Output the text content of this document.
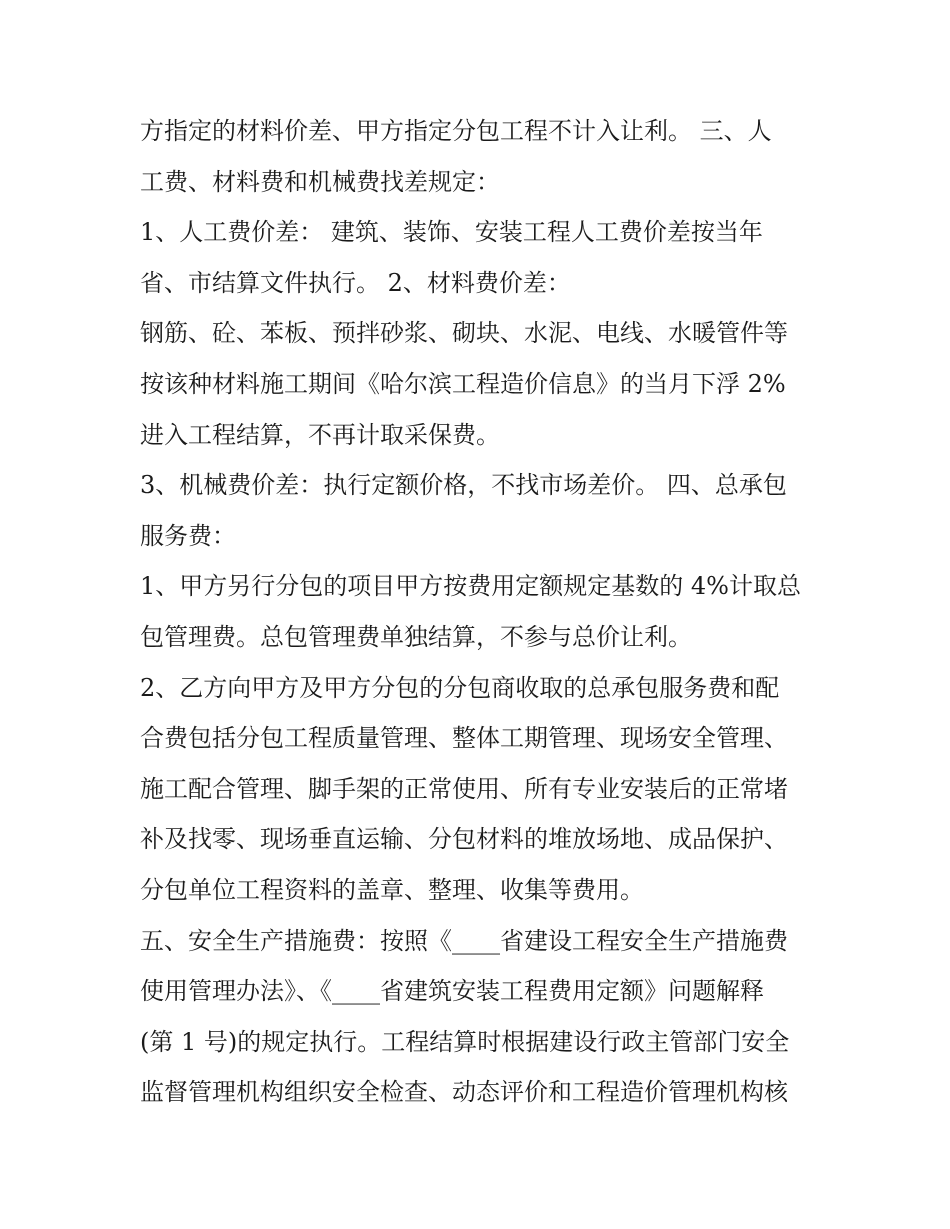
方指定的材料价差、甲方指定分包工程不计入让利。 三、人
工费、材料费和机械费找差规定：
1、人工费价差： 建筑、装饰、安装工程人工费价差按当年
省、市结算文件执行。 2、材料费价差：
钢筋、砼、苯板、预拌砂浆、砌块、水泥、电线、水暖管件等
按该种材料施工期间《哈尔滨工程造价信息》的当月下浮 2%
进入工程结算，不再计取采保费。
3、机械费价差：执行定额价格，不找市场差价。 四、总承包
服务费：
1、甲方另行分包的项目甲方按费用定额规定基数的 4%计取总
包管理费。总包管理费单独结算，不参与总价让利。
2、乙方向甲方及甲方分包的分包商收取的总承包服务费和配
合费包括分包工程质量管理、整体工期管理、现场安全管理、
施工配合管理、脚手架的正常使用、所有专业安装后的正常堵
补及找零、现场垂直运输、分包材料的堆放场地、成品保护、
分包单位工程资料的盖章、整理、收集等费用。
五、安全生产措施费：按照《____省建设工程安全生产措施费
使用管理办法》、《____省建筑安装工程费用定额》问题解释
(第 1 号)的规定执行。工程结算时根据建设行政主管部门安全
监督管理机构组织安全检查、动态评价和工程造价管理机构核
